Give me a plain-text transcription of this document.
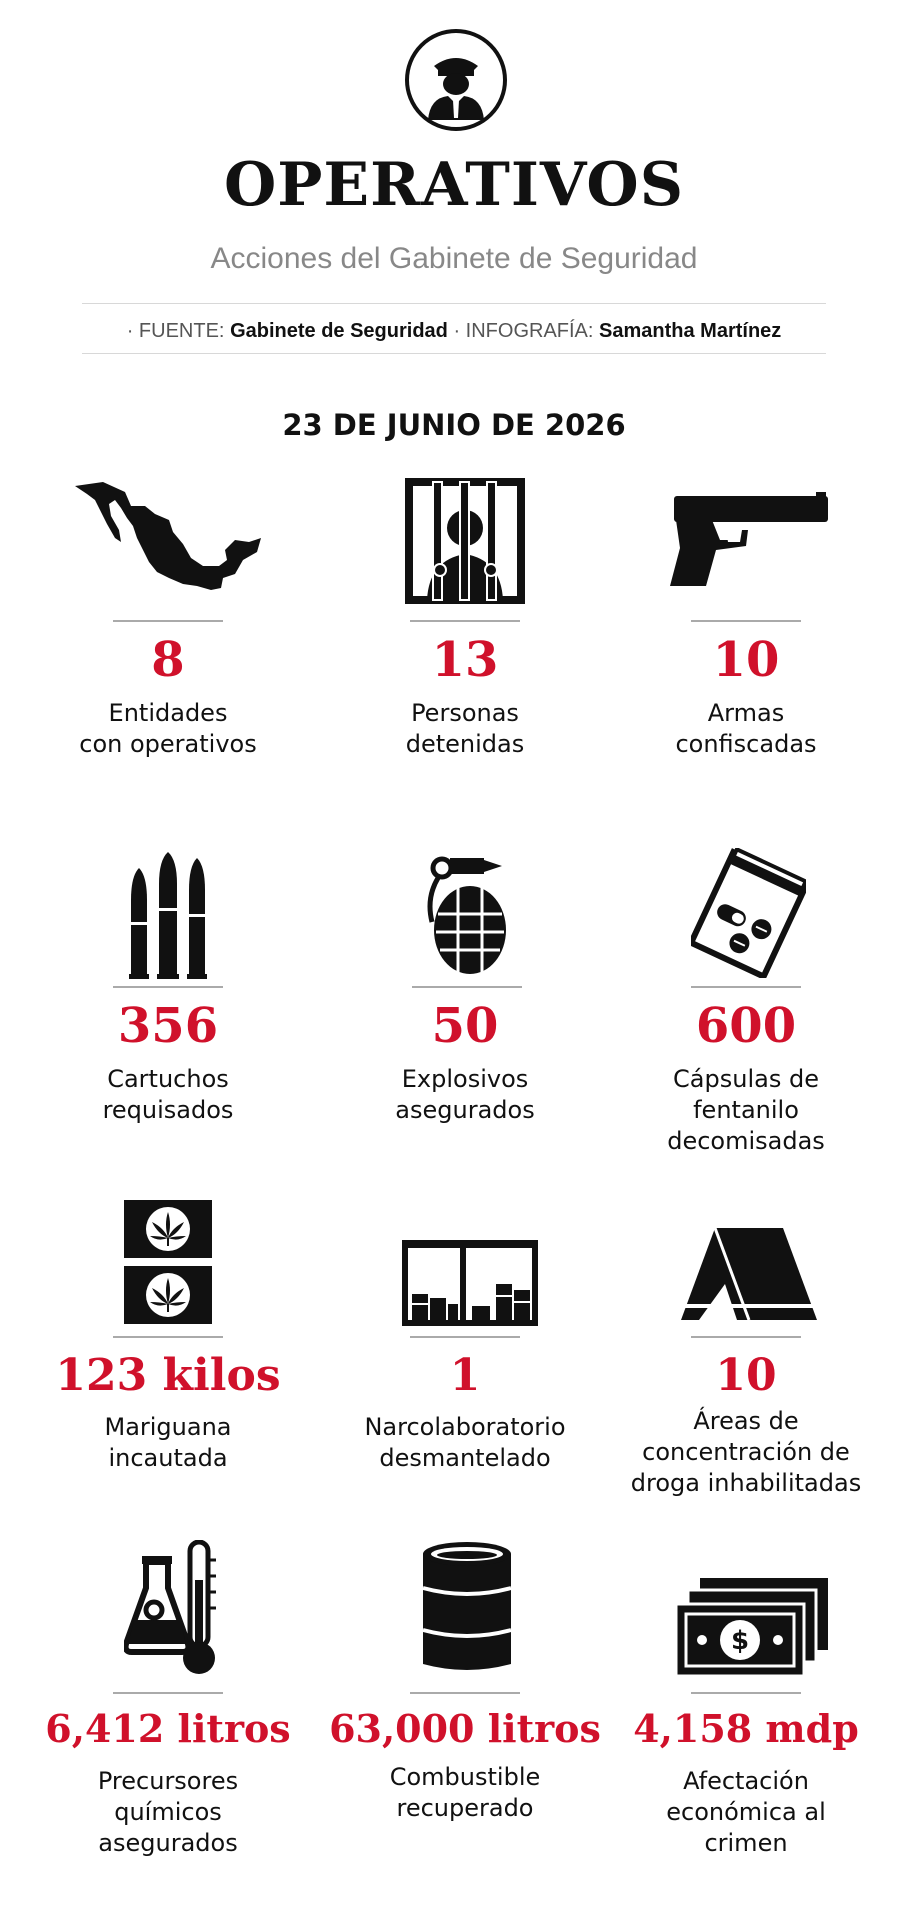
OPERATIVOS
Acciones del Gabinete de Seguridad
· FUENTE: Gabinete de Seguridad · INFOGRAFÍA: Samantha Martínez
23 DE JUNIO DE 2026
8
Entidades
con operativos
13
Personas
detenidas
10
Armas
confiscadas
356
Cartuchos
requisados
50
Explosivos
asegurados
600
Cápsulas de
fentanilo
decomisadas
123 kilos
Mariguana
incautada
1
Narcolaboratorio
desmantelado
10
Áreas de
concentración de
droga inhabilitadas
6,412 litros
Precursores
químicos
asegurados
63,000 litros
Combustible
recuperado
$
4,158 mdp
Afectación
económica al
crimen
